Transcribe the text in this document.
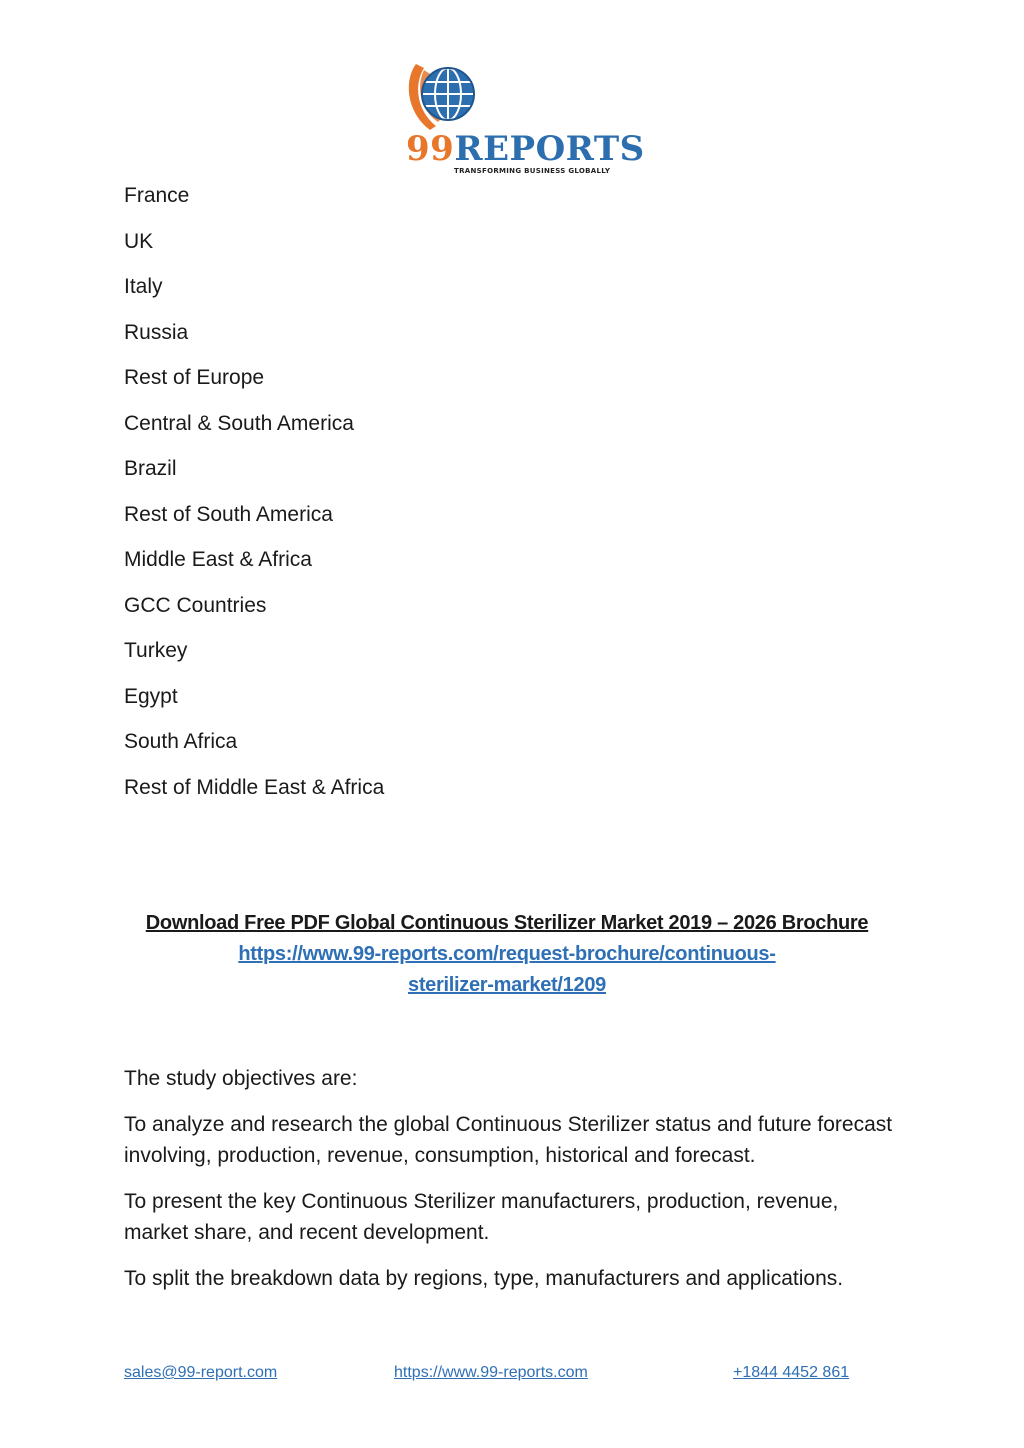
99REPORTS
TRANSFORMING BUSINESS GLOBALLY
France
UK
Italy
Russia
Rest of Europe
Central & South America
Brazil
Rest of South America
Middle East & Africa
GCC Countries
Turkey
Egypt
South Africa
Rest of Middle East & Africa
Download Free PDF Global Continuous Sterilizer Market 2019 – 2026 Brochure https://www.99-reports.com/request-brochure/continuous-
sterilizer-market/1209

The study objectives are:

To analyze and research the global Continuous Sterilizer status and future forecast involving, production, revenue, consumption, historical and forecast.

To present the key Continuous Sterilizer manufacturers, production, revenue, market share, and recent development.

To split the breakdown data by regions, type, manufacturers and applications.

sales@99-report.com	https://www.99-reports.com	+1844 4452 861
